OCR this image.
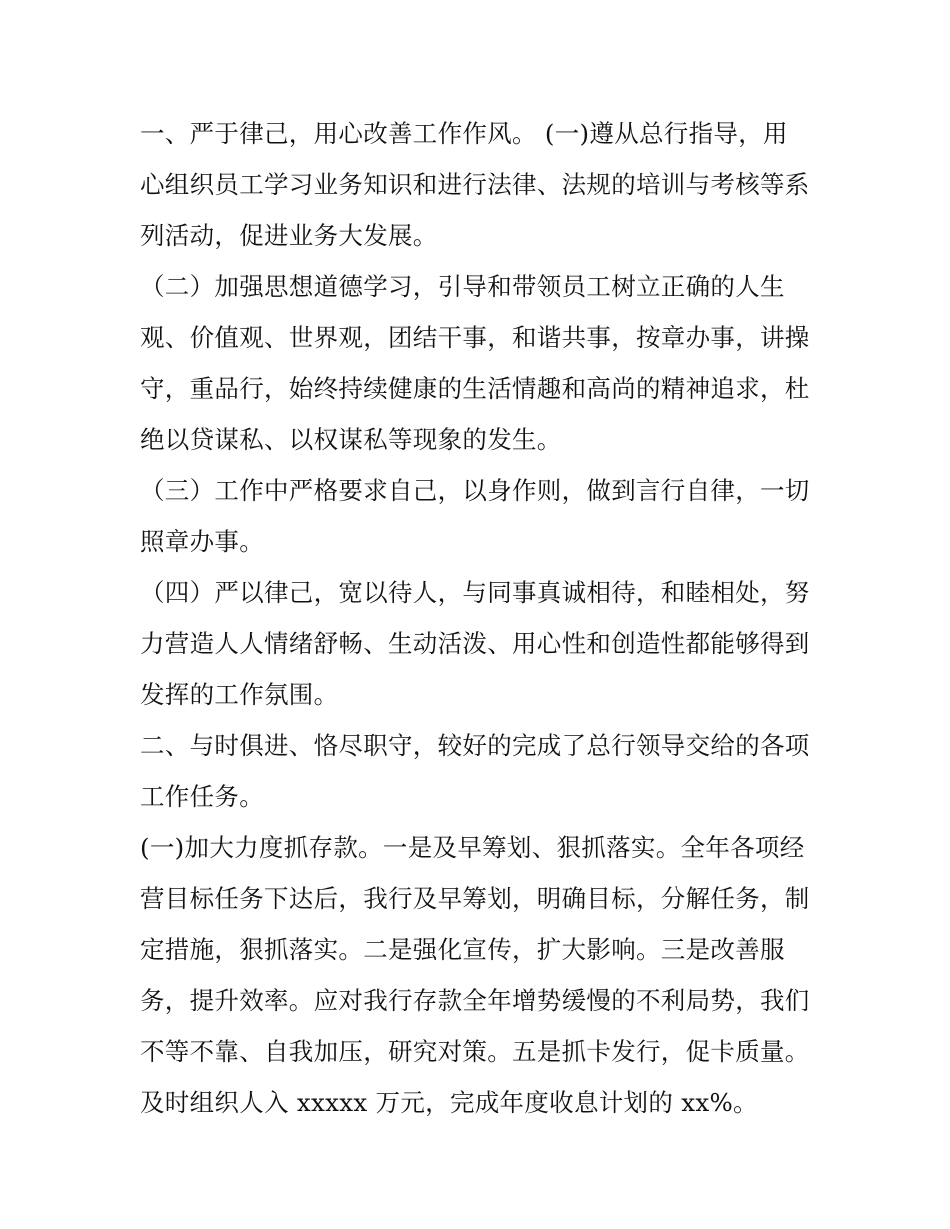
一、严于律己，用心改善工作作风。 (一)遵从总行指导，用
心组织员工学习业务知识和进行法律、法规的培训与考核等系
列活动，促进业务大发展。
（二）加强思想道德学习，引导和带领员工树立正确的人生
观、价值观、世界观，团结干事，和谐共事，按章办事，讲操
守，重品行，始终持续健康的生活情趣和高尚的精神追求，杜
绝以贷谋私、以权谋私等现象的发生。
（三）工作中严格要求自己，以身作则，做到言行自律，一切
照章办事。
（四）严以律己，宽以待人，与同事真诚相待，和睦相处，努
力营造人人情绪舒畅、生动活泼、用心性和创造性都能够得到
发挥的工作氛围。
二、与时俱进、恪尽职守，较好的完成了总行领导交给的各项
工作任务。
(一)加大力度抓存款。一是及早筹划、狠抓落实。全年各项经
营目标任务下达后，我行及早筹划，明确目标，分解任务，制
定措施，狠抓落实。二是强化宣传，扩大影响。三是改善服
务，提升效率。应对我行存款全年增势缓慢的不利局势，我们
不等不靠、自我加压，研究对策。五是抓卡发行，促卡质量。
及时组织人入 xxxxx 万元，完成年度收息计划的 xx%。
